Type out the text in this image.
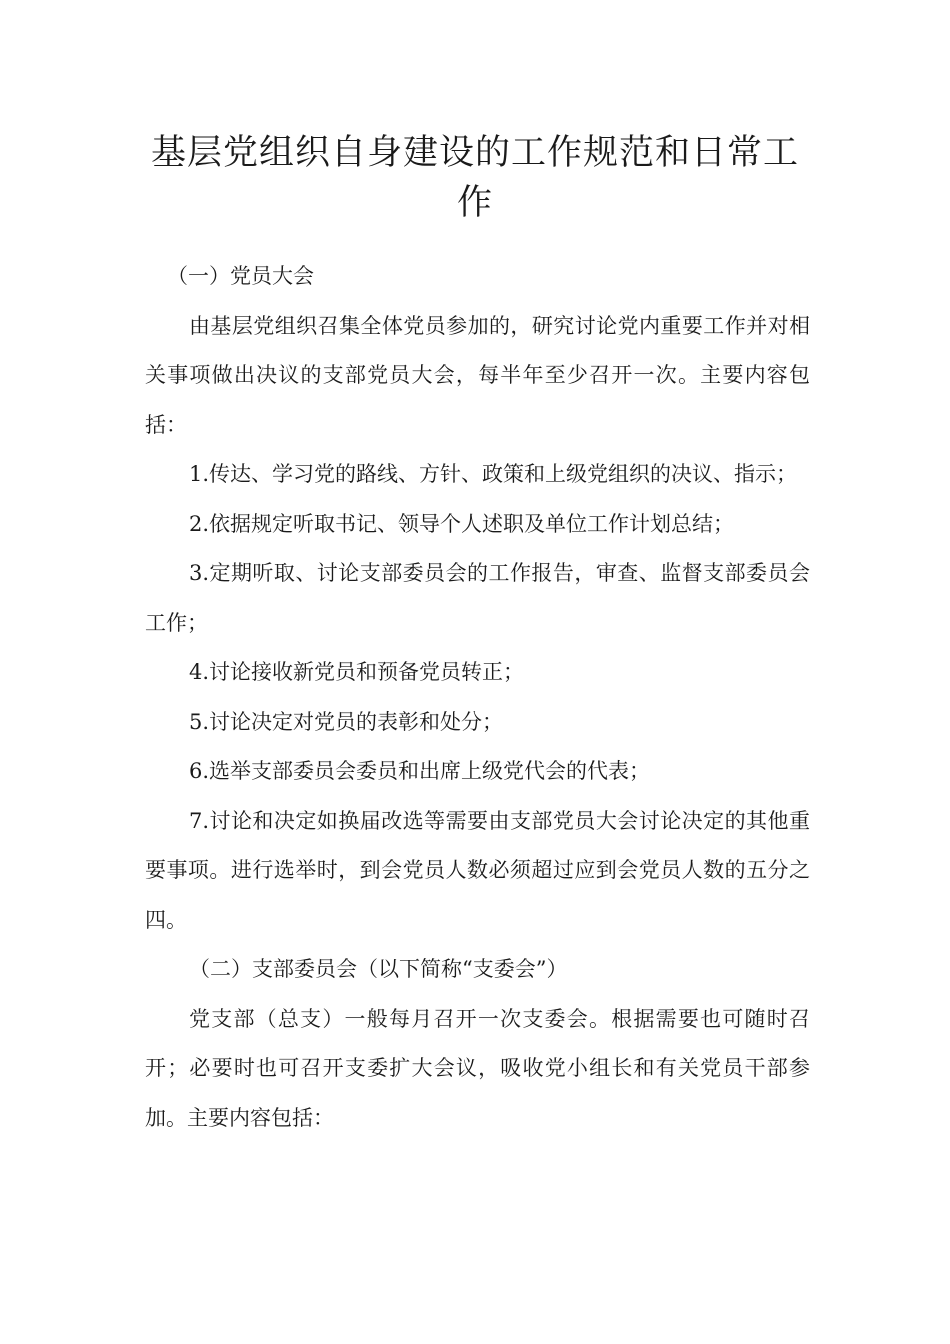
基层党组织自身建设的工作规范和日常工作

（一）党员大会

由基层党组织召集全体党员参加的，研究讨论党内重要工作并对相关事项做出决议的支部党员大会，每半年至少召开一次。主要内容包括：

1.传达、学习党的路线、方针、政策和上级党组织的决议、指示；

2.依据规定听取书记、领导个人述职及单位工作计划总结；

3.定期听取、讨论支部委员会的工作报告，审查、监督支部委员会工作；

4.讨论接收新党员和预备党员转正；

5.讨论决定对党员的表彰和处分；

6.选举支部委员会委员和出席上级党代会的代表；

7.讨论和决定如换届改选等需要由支部党员大会讨论决定的其他重要事项。进行选举时，到会党员人数必须超过应到会党员人数的五分之四。

（二）支部委员会（以下简称“支委会”）

党支部（总支）一般每月召开一次支委会。根据需要也可随时召开；必要时也可召开支委扩大会议，吸收党小组长和有关党员干部参加。主要内容包括：
